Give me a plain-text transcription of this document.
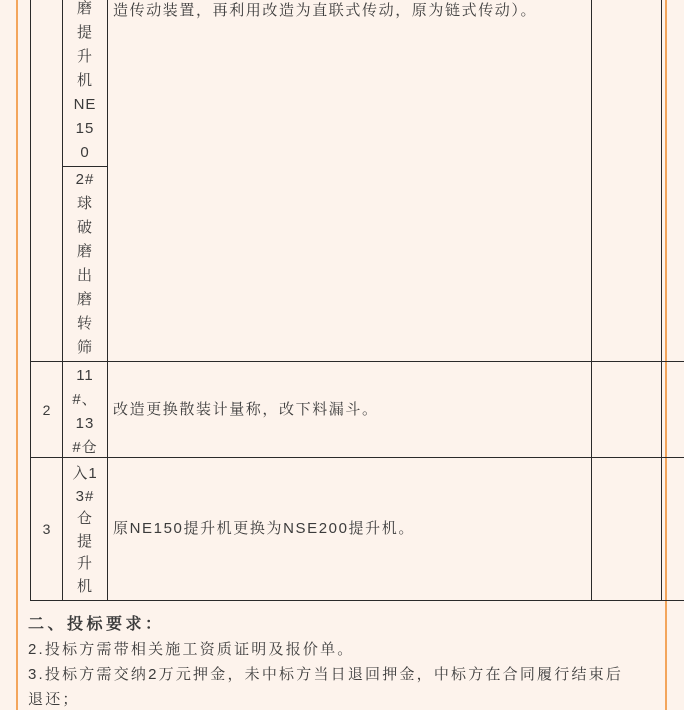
磨
提
升
机
NE
15
0
2#
球
破
磨
出
磨
转
筛
造传动装置，再利用改造为直联式传动，原为链式传动）。
2
11
#、
13
#仓
改造更换散装计量称，改下料漏斗。
3
入1
3#
仓
提
升
机
原NE150提升机更换为NSE200提升机。
二、投标要求：
2.投标方需带相关施工资质证明及报价单。
3.投标方需交纳2万元押金，未中标方当日退回押金，中标方在合同履行结束后
退还；
